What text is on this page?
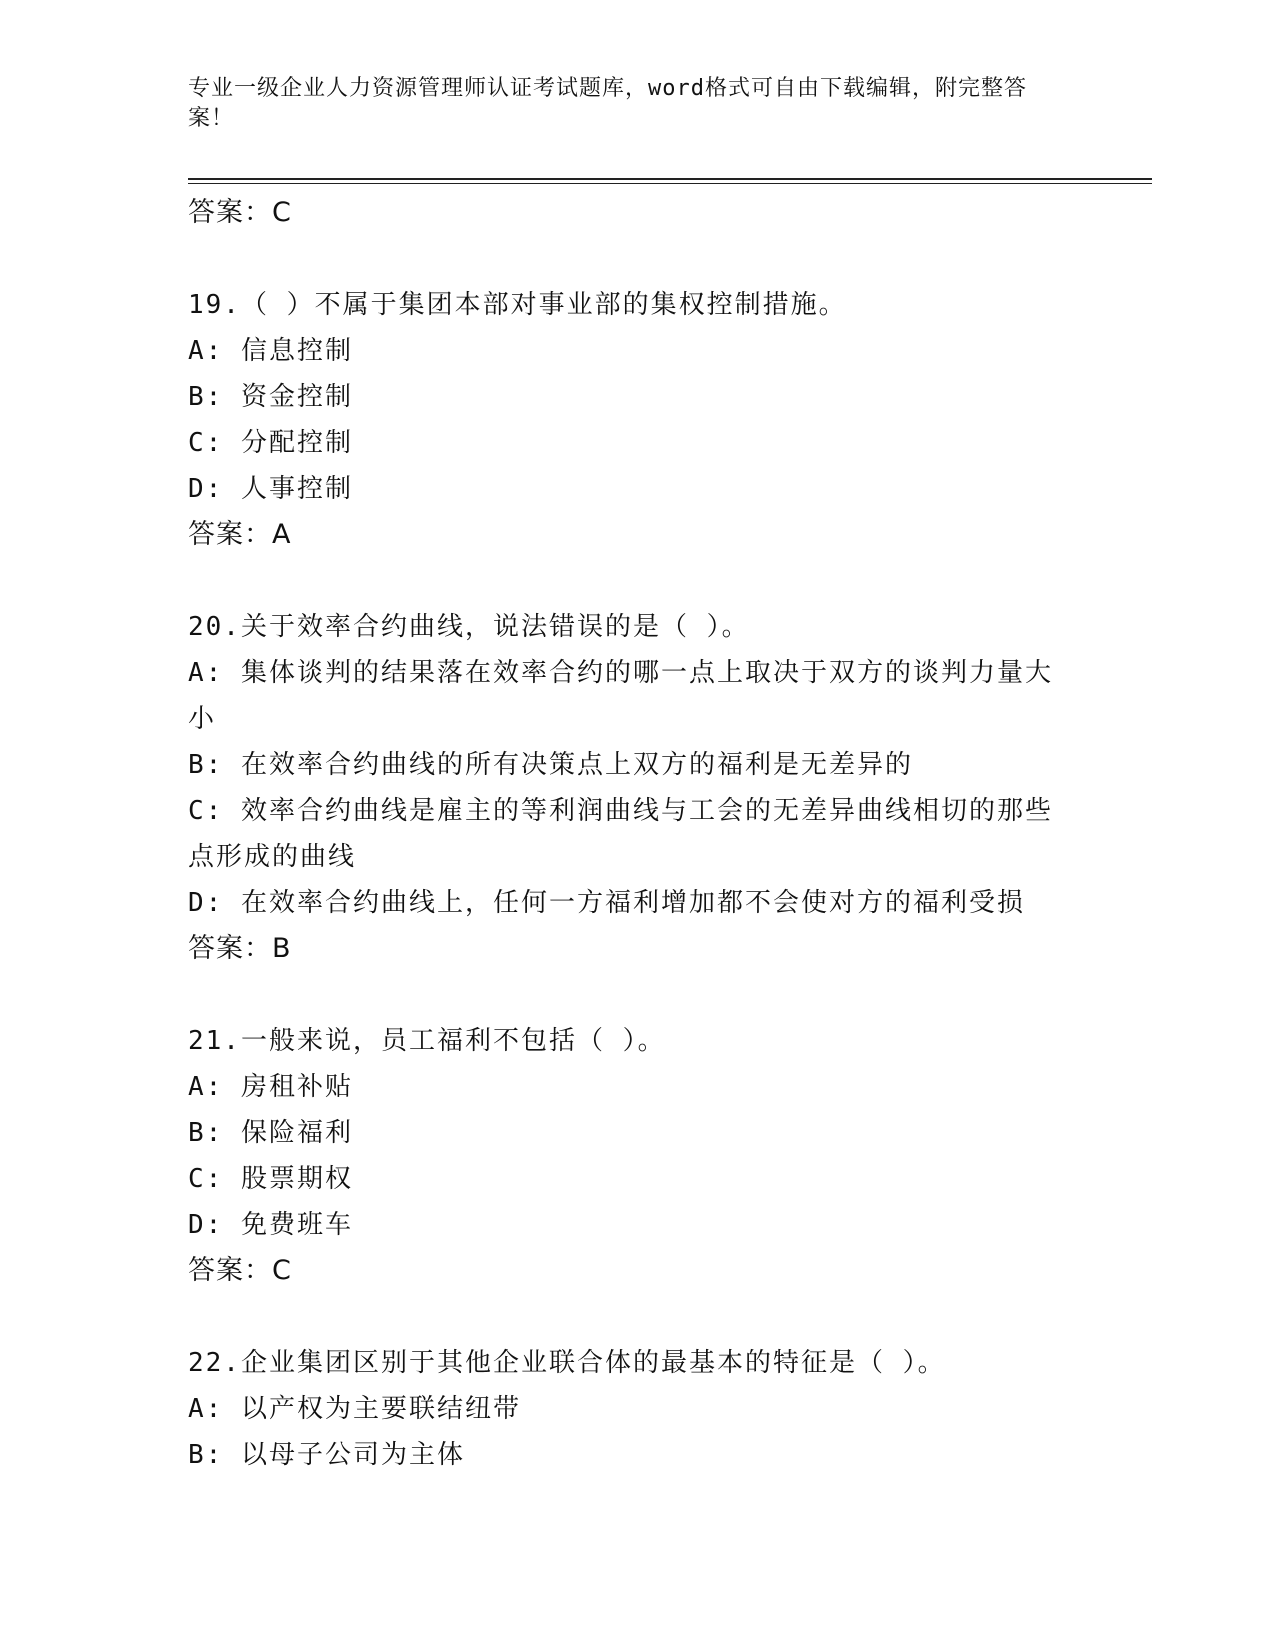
专业一级企业人力资源管理师认证考试题库，word格式可自由下载编辑，附完整答案！
答案：C
19.（ ）不属于集团本部对事业部的集权控制措施。
A: 信息控制
B: 资金控制
C: 分配控制
D: 人事控制
答案：A
20.关于效率合约曲线，说法错误的是（ ）。
A: 集体谈判的结果落在效率合约的哪一点上取决于双方的谈判力量大
小
B: 在效率合约曲线的所有决策点上双方的福利是无差异的
C: 效率合约曲线是雇主的等利润曲线与工会的无差异曲线相切的那些
点形成的曲线
D: 在效率合约曲线上，任何一方福利增加都不会使对方的福利受损
答案：B
21.一般来说，员工福利不包括（ ）。
A: 房租补贴
B: 保险福利
C: 股票期权
D: 免费班车
答案：C
22.企业集团区别于其他企业联合体的最基本的特征是（ ）。
A: 以产权为主要联结纽带
B: 以母子公司为主体
